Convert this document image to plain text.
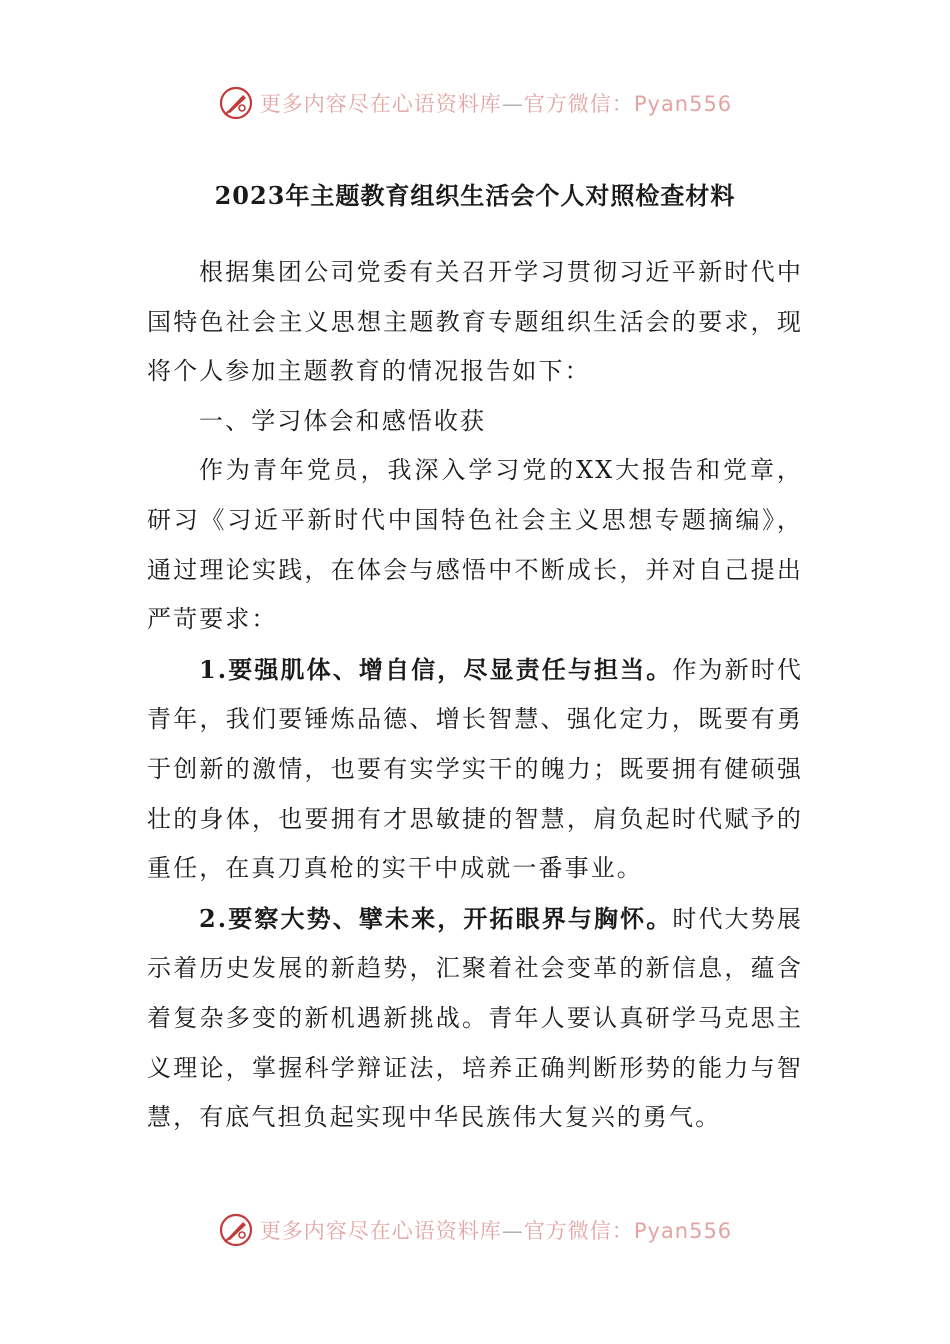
更多内容尽在心语资料库—官方微信：Pyan556
2023年主题教育组织生活会个人对照检查材料

根据集团公司党委有关召开学习贯彻习近平新时代中国特色社会主义思想主题教育专题组织生活会的要求，现将个人参加主题教育的情况报告如下：

一、学习体会和感悟收获

作为青年党员，我深入学习党的XX大报告和党章，研习《习近平新时代中国特色社会主义思想专题摘编》，通过理论实践，在体会与感悟中不断成长，并对自己提出严苛要求：

1.要强肌体、增自信，尽显责任与担当。作为新时代青年，我们要锤炼品德、增长智慧、强化定力，既要有勇于创新的激情，也要有实学实干的魄力；既要拥有健硕强壮的身体，也要拥有才思敏捷的智慧，肩负起时代赋予的重任，在真刀真枪的实干中成就一番事业。

2.要察大势、擘未来，开拓眼界与胸怀。时代大势展示着历史发展的新趋势，汇聚着社会变革的新信息，蕴含着复杂多变的新机遇新挑战。青年人要认真研学马克思主义理论，掌握科学辩证法，培养正确判断形势的能力与智慧，有底气担负起实现中华民族伟大复兴的勇气。

更多内容尽在心语资料库—官方微信：Pyan556
